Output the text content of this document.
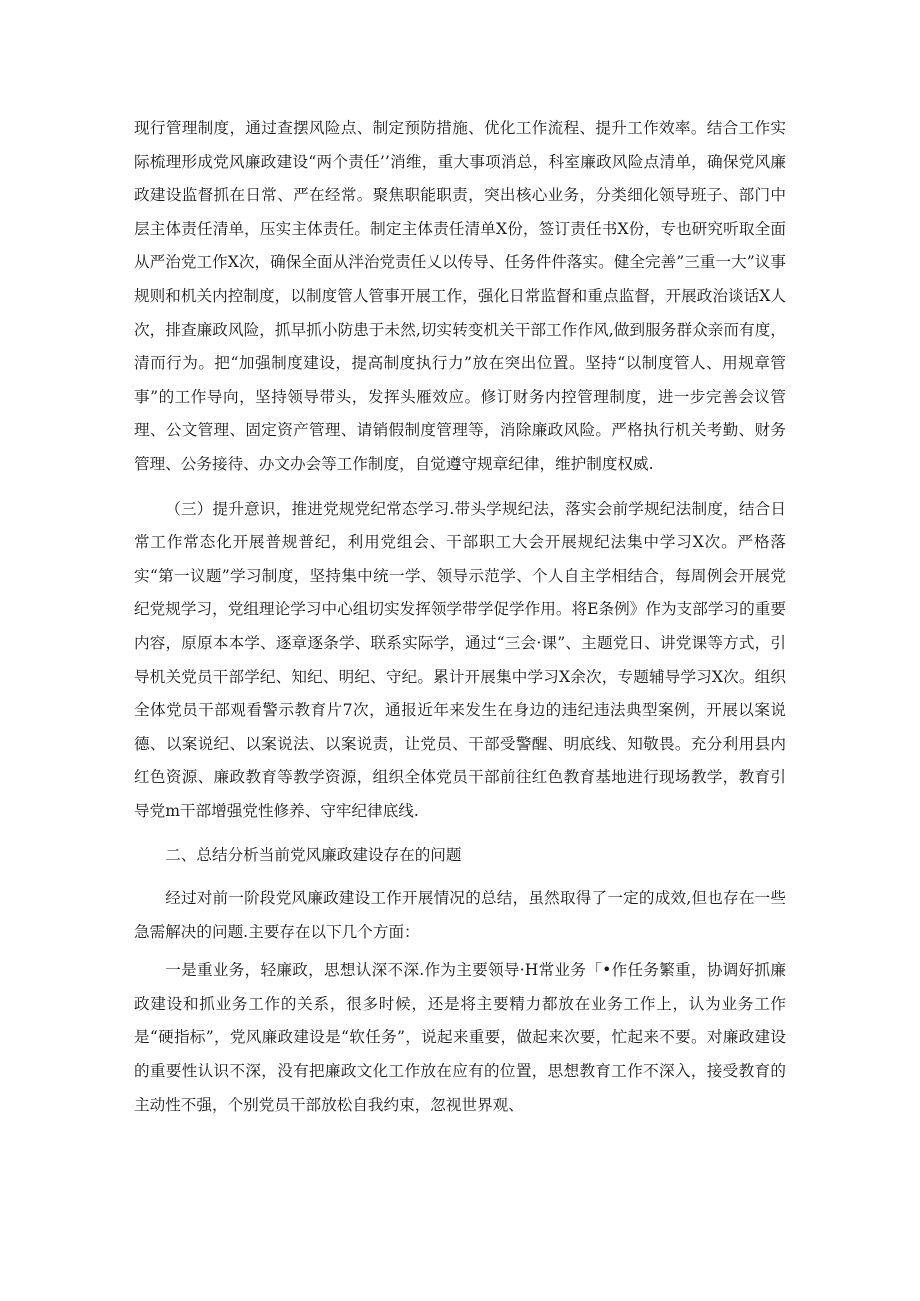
现行管理制度，通过查摆风险点、制定预防措施、优化工作流程、提升工作效率。结合工作实际梳理形成党风廉政建设“两个责任’’消维，重大事项消总，科室廉政风险点清单，确保党风廉政建设监督抓在日常、严在经常。聚焦职能职责，突出核心业务，分类细化领导班子、部门中层主体责任清单，压实主体责任。制定主体责任清单X份，签订责任书X份，专也研究听取全面从严治党工作X次，确保全面从泮治党责任乂以传导、任务件件落实。健全完善”三重一大”议事规则和机关内控制度，以制度管人管事开展工作，强化日常监督和重点监督，开展政治谈话X人次，排查廉政风险，抓早抓小防患于未然,切实转变机关干部工作作风,做到服务群众亲而有度，清而行为。把“加强制度建设，提高制度执行力”放在突出位置。坚持“以制度管人、用规章管事”的工作导向，坚持领导带头，发挥头雁效应。修订财务内控管理制度，进一步完善会议管理、公文管理、固定资产管理、请销假制度管理等，消除廉政风险。严格执行机关考勤、财务管理、公务接待、办文办会等工作制度，自觉遵守规章纪律，维护制度权威.

（三）提升意识，推进党规党纪常态学习.带头学规纪法，落实会前学规纪法制度，结合日常工作常态化开展普规普纪，利用党组会、干部职工大会开展规纪法集中学习X次。严格落实“第一议题”学习制度，坚持集中统一学、领导示范学、个人自主学相结合，每周例会开展党纪党规学习，党组理论学习中心组切实发挥领学带学促学作用。将E条例》作为支部学习的重要内容，原原本本学、逐章逐条学、联系实际学，通过“三会·课”、主题党日、讲党课等方式，引导机关党员干部学纪、知纪、明纪、守纪。累计开展集中学习X余次，专题辅导学习X次。组织全体党员干部观看警示教育片7次，通报近年来发生在身边的违纪违法典型案例，开展以案说德、以案说纪、以案说法、以案说责，让党员、干部受警醒、明底线、知敬畏。充分利用县内红色资源、廉政教育等教学资源，组织全体党员干部前往红色教育基地进行现场教学，教育引导党m干部增强党性修养、守牢纪律底线.

二、总结分析当前党风廉政建设存在的问题

经过对前一阶段党风廉政建设工作开展情况的总结，虽然取得了一定的成效,但也存在一些急需解决的问题.主要存在以下几个方面：

一是重业务，轻廉政，思想认深不深.作为主要领导·H常业务「•作任务繁重，协调好抓廉政建设和抓业务工作的关系，很多时候，还是将主要精力都放在业务工作上，认为业务工作是“硬指标”，党风廉政建设是“软任务”，说起来重要，做起来次要，忙起来不要。对廉政建设的重要性认识不深，没有把廉政文化工作放在应有的位置，思想教育工作不深入，接受教育的主动性不强，个别党员干部放松自我约束，忽视世界观、
